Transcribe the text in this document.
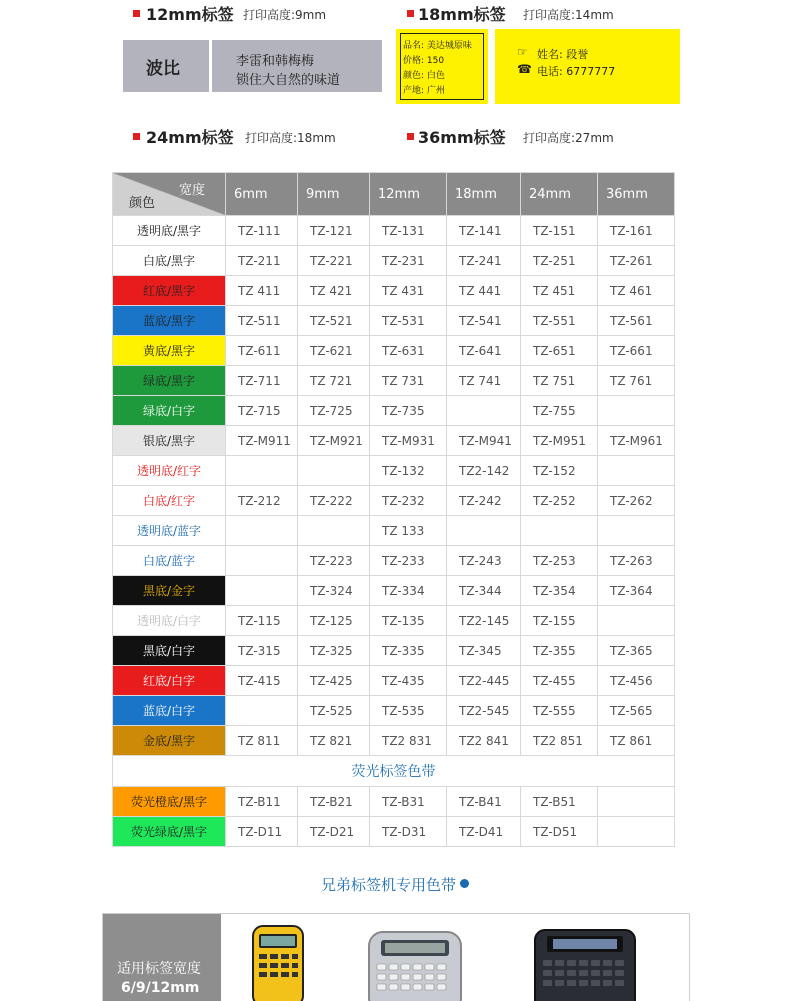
12mm标签 打印高度:9mm	18mm标签 打印高度:14mm
波比	李雷和韩梅梅
锁住大自然的味道
品名: 美达城原味
价格: 150
颜色: 白色
产地: 广州
☞ 姓名: 段誉
☎ 电话: 6777777
24mm标签 打印高度:18mm	36mm标签 打印高度:27mm
宽度
颜色	6mm	9mm	12mm	18mm	24mm	36mm
透明底/黑字	TZ-111	TZ-121	TZ-131	TZ-141	TZ-151	TZ-161
白底/黑字	TZ-211	TZ-221	TZ-231	TZ-241	TZ-251	TZ-261
红底/黑字	TZ 411	TZ 421	TZ 431	TZ 441	TZ 451	TZ 461
蓝底/黑字	TZ-511	TZ-521	TZ-531	TZ-541	TZ-551	TZ-561
黄底/黑字	TZ-611	TZ-621	TZ-631	TZ-641	TZ-651	TZ-661
绿底/黑字	TZ-711	TZ 721	TZ 731	TZ 741	TZ 751	TZ 761
绿底/白字	TZ-715	TZ-725	TZ-735		TZ-755	
银底/黑字	TZ-M911	TZ-M921	TZ-M931	TZ-M941	TZ-M951	TZ-M961
透明底/红字			TZ-132	TZ2-142	TZ-152	
白底/红字	TZ-212	TZ-222	TZ-232	TZ-242	TZ-252	TZ-262
透明底/蓝字			TZ 133			
白底/蓝字		TZ-223	TZ-233	TZ-243	TZ-253	TZ-263
黑底/金字		TZ-324	TZ-334	TZ-344	TZ-354	TZ-364
透明底/白字	TZ-115	TZ-125	TZ-135	TZ2-145	TZ-155	
黑底/白字	TZ-315	TZ-325	TZ-335	TZ-345	TZ-355	TZ-365
红底/白字	TZ-415	TZ-425	TZ-435	TZ2-445	TZ-455	TZ-456
蓝底/白字		TZ-525	TZ-535	TZ2-545	TZ-555	TZ-565
金底/黑字	TZ 811	TZ 821	TZ2 831	TZ2 841	TZ2 851	TZ 861
荧光标签色带						
荧光橙底/黑字	TZ-B11	TZ-B21	TZ-B31	TZ-B41	TZ-B51	
荧光绿底/黑字	TZ-D11	TZ-D21	TZ-D31	TZ-D41	TZ-D51	
兄弟标签机专用色带
适用标签宽度
6/9/12mm
